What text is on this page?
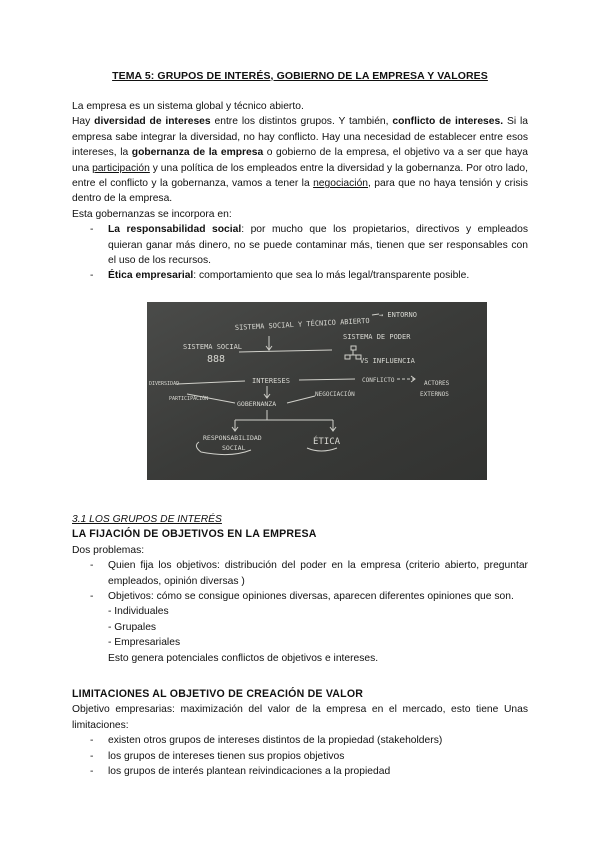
TEMA 5: GRUPOS DE INTERÉS, GOBIERNO DE LA EMPRESA Y VALORES

La empresa es un sistema global y técnico abierto.

Hay diversidad de intereses entre los distintos grupos. Y también, conflicto de intereses. Si la empresa sabe integrar la diversidad, no hay conflicto. Hay una necesidad de establecer entre esos intereses, la gobernanza de la empresa o gobierno de la empresa, el objetivo va a ser que haya una participación y una política de los empleados entre la diversidad y la gobernanza. Por otro lado, entre el conflicto y la gobernanza, vamos a tener la negociación, para que no haya tensión y crisis dentro de la empresa.

Esta gobernanzas se incorpora en:

- La responsabilidad social: por mucho que los propietarios, directivos y empleados quieran ganar más dinero, no se puede contaminar más, tienen que ser responsables con el uso de los recursos.
- Ética empresarial: comportamiento que sea lo más legal/transparente posible.
SISTEMA SOCIAL Y TÉCNICO ABIERTO
→ ENTORNO
SISTEMA DE PODER
SISTEMA SOCIAL
888	VS INFLUENCIA
INTERESES	CONFLICTO
DIVERSIDAD
PARTICIPACIÓN
GOBERNANZA
NEGOCIACIÓN
ACTORES
EXTERNOS
RESPONSABILIDAD
SOCIAL
ÉTICA

3.1 LOS GRUPOS DE INTERÉS

LA FIJACIÓN DE OBJETIVOS EN LA EMPRESA

Dos problemas:

- Quien fija los objetivos: distribución del poder en la empresa (criterio abierto, preguntar empleados, opinión diversas )
- Objetivos: cómo se consigue opiniones diversas, aparecen diferentes opiniones que son.

- Individuales

- Grupales

- Empresariales

Esto genera potenciales conflictos de objetivos e intereses.

LIMITACIONES AL OBJETIVO DE CREACIÓN DE VALOR

Objetivo empresarias: maximización del valor de la empresa en el mercado, esto tiene Unas limitaciones:

- existen otros grupos de intereses distintos de la propiedad (stakeholders)
- los grupos de intereses tienen sus propios objetivos
- los grupos de interés plantean reivindicaciones a la propiedad
